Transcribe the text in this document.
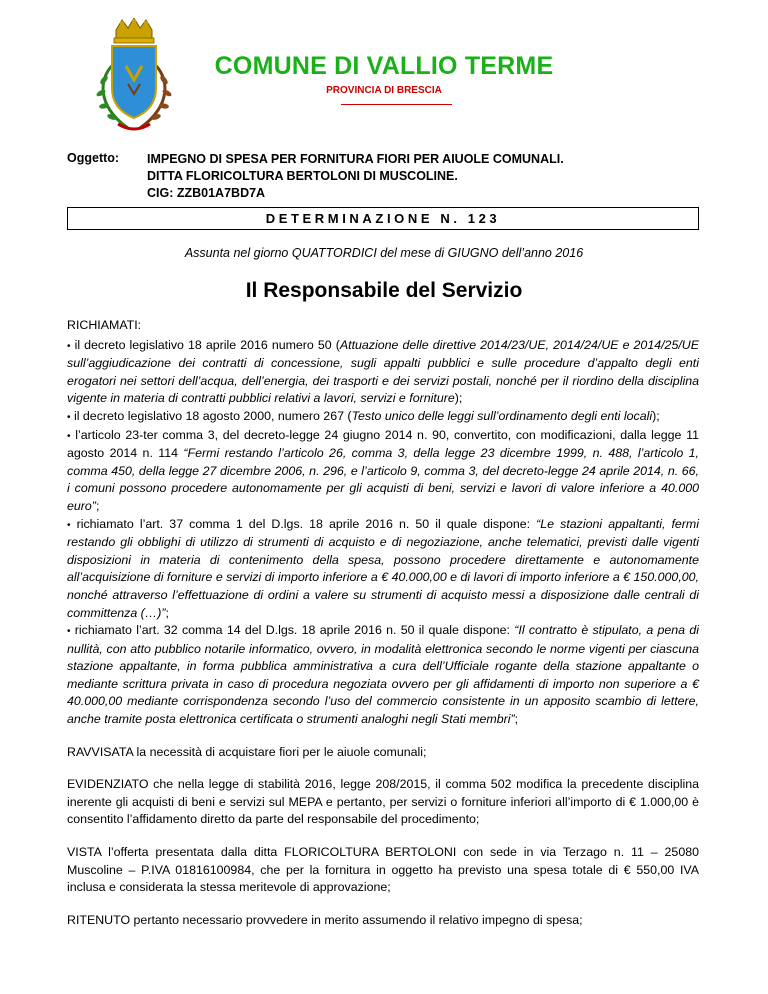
COMUNE DI VALLIO TERME
PROVINCIA DI BRESCIA
Oggetto: IMPEGNO DI SPESA PER FORNITURA FIORI PER AIUOLE COMUNALI.
DITTA FLORICOLTURA BERTOLONI DI MUSCOLINE.
CIG: ZZB01A7BD7A
DETERMINAZIONE N. 123
Assunta nel giorno QUATTORDICI del mese di GIUGNO dell’anno 2016
Il Responsabile del Servizio

RICHIAMATI:

• il decreto legislativo 18 aprile 2016 numero 50 (Attuazione delle direttive 2014/23/UE, 2014/24/UE e 2014/25/UE sull’aggiudicazione dei contratti di concessione, sugli appalti pubblici e sulle procedure d’appalto degli enti erogatori nei settori dell’acqua, dell’energia, dei trasporti e dei servizi postali, nonché per il riordino della disciplina vigente in materia di contratti pubblici relativi a lavori, servizi e forniture);

• il decreto legislativo 18 agosto 2000, numero 267 (Testo unico delle leggi sull’ordinamento degli enti locali);

• l’articolo 23-ter comma 3, del decreto-legge 24 giugno 2014 n. 90, convertito, con modificazioni, dalla legge 11 agosto 2014 n. 114 “Fermi restando l’articolo 26, comma 3, della legge 23 dicembre 1999, n. 488, l’articolo 1, comma 450, della legge 27 dicembre 2006, n. 296, e l’articolo 9, comma 3, del decreto-legge 24 aprile 2014, n. 66, i comuni possono procedere autonomamente per gli acquisti di beni, servizi e lavori di valore inferiore a 40.000 euro”;

• richiamato l’art. 37 comma 1 del D.lgs. 18 aprile 2016 n. 50 il quale dispone: “Le stazioni appaltanti, fermi restando gli obblighi di utilizzo di strumenti di acquisto e di negoziazione, anche telematici, previsti dalle vigenti disposizioni in materia di contenimento della spesa, possono procedere direttamente e autonomamente all’acquisizione di forniture e servizi di importo inferiore a € 40.000,00 e di lavori di importo inferiore a € 150.000,00, nonché attraverso l’effettuazione di ordini a valere su strumenti di acquisto messi a disposizione dalle centrali di committenza (…)”;

• richiamato l’art. 32 comma 14 del D.lgs. 18 aprile 2016 n. 50 il quale dispone: “Il contratto è stipulato, a pena di nullità, con atto pubblico notarile informatico, ovvero, in modalità elettronica secondo le norme vigenti per ciascuna stazione appaltante, in forma pubblica amministrativa a cura dell’Ufficiale rogante della stazione appaltante o mediante scrittura privata in caso di procedura negoziata ovvero per gli affidamenti di importo non superiore a € 40.000,00 mediante corrispondenza secondo l’uso del commercio consistente in un apposito scambio di lettere, anche tramite posta elettronica certificata o strumenti analoghi negli Stati membri”;

RAVVISATA la necessità di acquistare fiori per le aiuole comunali;

EVIDENZIATO che nella legge di stabilità 2016, legge 208/2015, il comma 502 modifica la precedente disciplina inerente gli acquisti di beni e servizi sul MEPA e pertanto, per servizi o forniture inferiori all’importo di € 1.000,00 è consentito l’affidamento diretto da parte del responsabile del procedimento;

VISTA l’offerta presentata dalla ditta FLORICOLTURA BERTOLONI con sede in via Terzago n. 11 – 25080 Muscoline – P.IVA 01816100984, che per la fornitura in oggetto ha previsto una spesa totale di € 550,00 IVA inclusa e considerata la stessa meritevole di approvazione;

RITENUTO pertanto necessario provvedere in merito assumendo il relativo impegno di spesa;
